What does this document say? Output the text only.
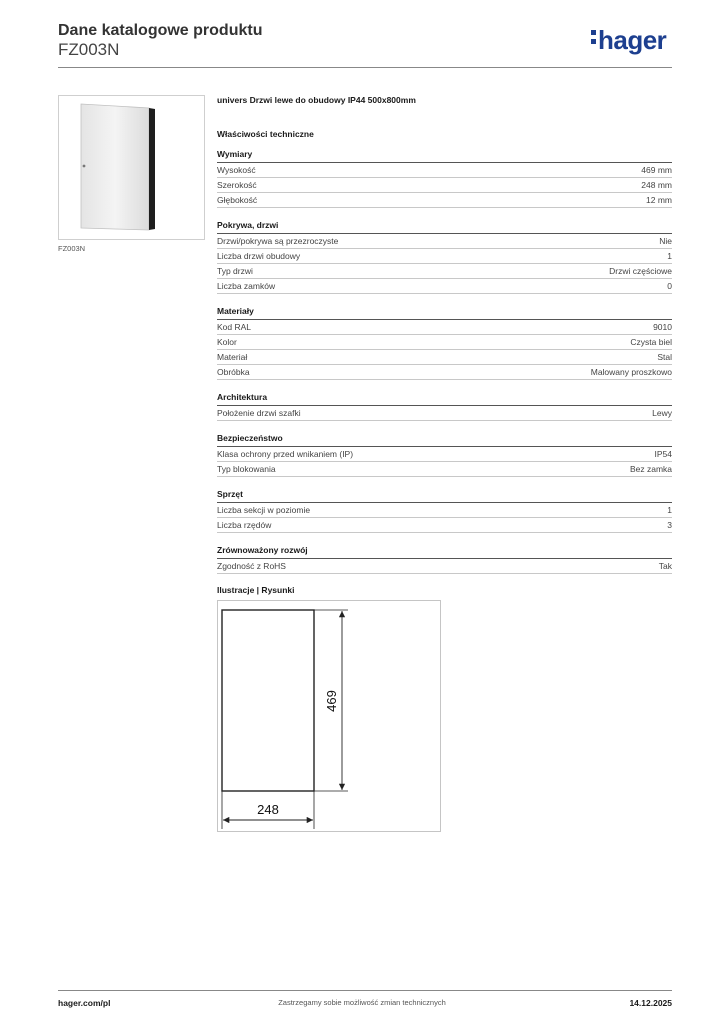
Dane katalogowe produktu
FZ003N	hager
FZ003N
univers Drzwi lewe do obudowy IP44 500x800mm
Właściwości techniczne
Wymiary
Wysokość	469 mm
Szerokość	248 mm
Głębokość	12 mm
Pokrywa, drzwi
Drzwi/pokrywa są przezroczyste	Nie
Liczba drzwi obudowy	1
Typ drzwi	Drzwi częściowe
Liczba zamków	0
Materiały
Kod RAL	9010
Kolor	Czysta biel
Materiał	Stal
Obróbka	Malowany proszkowo
Architektura
Położenie drzwi szafki	Lewy
Bezpieczeństwo
Klasa ochrony przed wnikaniem (IP)	IP54
Typ blokowania	Bez zamka
Sprzęt
Liczba sekcji w poziomie	1
Liczba rzędów	3
Zrównoważony rozwój
Zgodność z RoHS	Tak
Ilustracje | Rysunki
469
248
hager.com/pl	Zastrzegamy sobie możliwość zmian technicznych	14.12.2025
